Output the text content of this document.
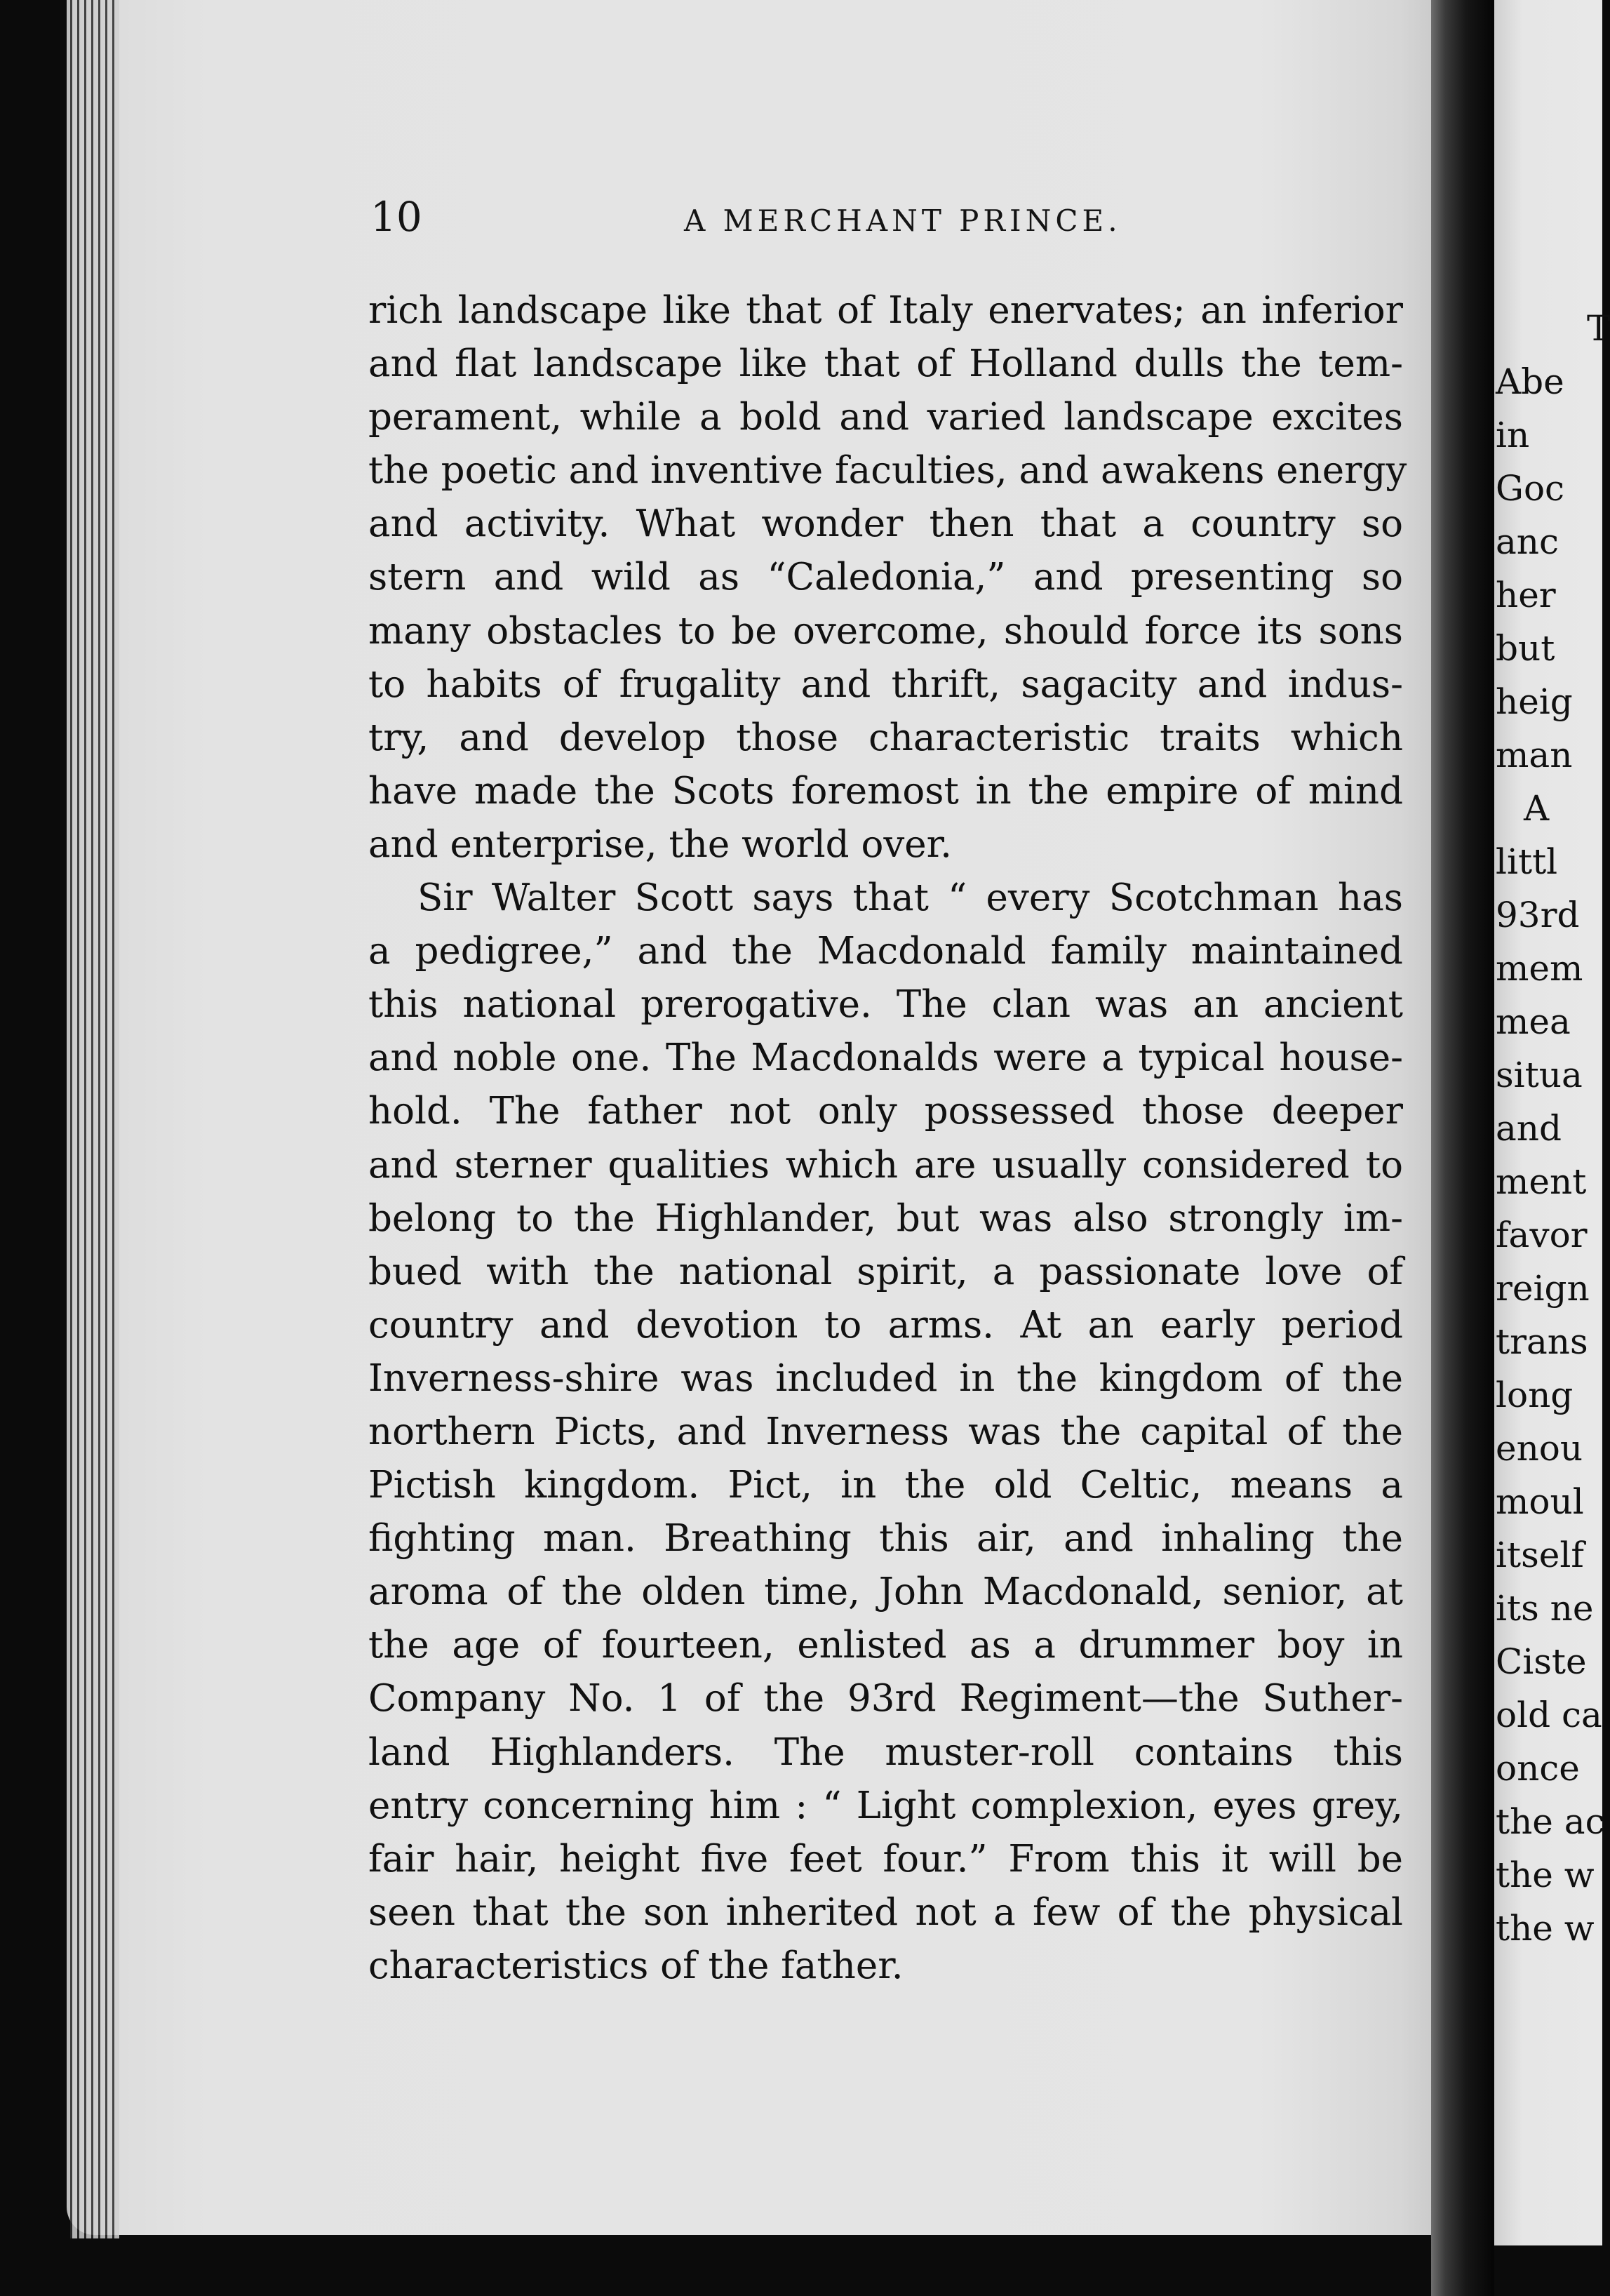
10	A MERCHANT PRINCE.
rich landscape like that of Italy enervates; an inferior
and flat landscape like that of Holland dulls the tem-
perament, while a bold and varied landscape excites
the poetic and inventive faculties, and awakens energy
and activity. What wonder then that a country so
stern and wild as “Caledonia,” and presenting so
many obstacles to be overcome, should force its sons
to habits of frugality and thrift, sagacity and indus-
try, and develop those characteristic traits which
have made the Scots foremost in the empire of mind
and enterprise, the world over.
Sir Walter Scott says that “ every Scotchman has
a pedigree,” and the Macdonald family maintained
this national prerogative. The clan was an ancient
and noble one. The Macdonalds were a typical house-
hold. The father not only possessed those deeper
and sterner qualities which are usually considered to
belong to the Highlander, but was also strongly im-
bued with the national spirit, a passionate love of
country and devotion to arms. At an early period
Inverness-shire was included in the kingdom of the
northern Picts, and Inverness was the capital of the
Pictish kingdom. Pict, in the old Celtic, means a
fighting man. Breathing this air, and inhaling the
aroma of the olden time, John Macdonald, senior, at
the age of fourteen, enlisted as a drummer boy in
Company No. 1 of the 93rd Regiment—the Suther-
land Highlanders. The muster-roll contains this
entry concerning him : “ Light complexion, eyes grey,
fair hair, height five feet four.” From this it will be
seen that the son inherited not a few of the physical
characteristics of the father.
T
Abe
in
Goc
anc
her
but
heig
man
A
littl
93rd
mem
mea
situa
and
ment
favor
reign
trans
long
enou
moul
itself
its ne
Ciste
old ca
once
the ac
the w
the w
